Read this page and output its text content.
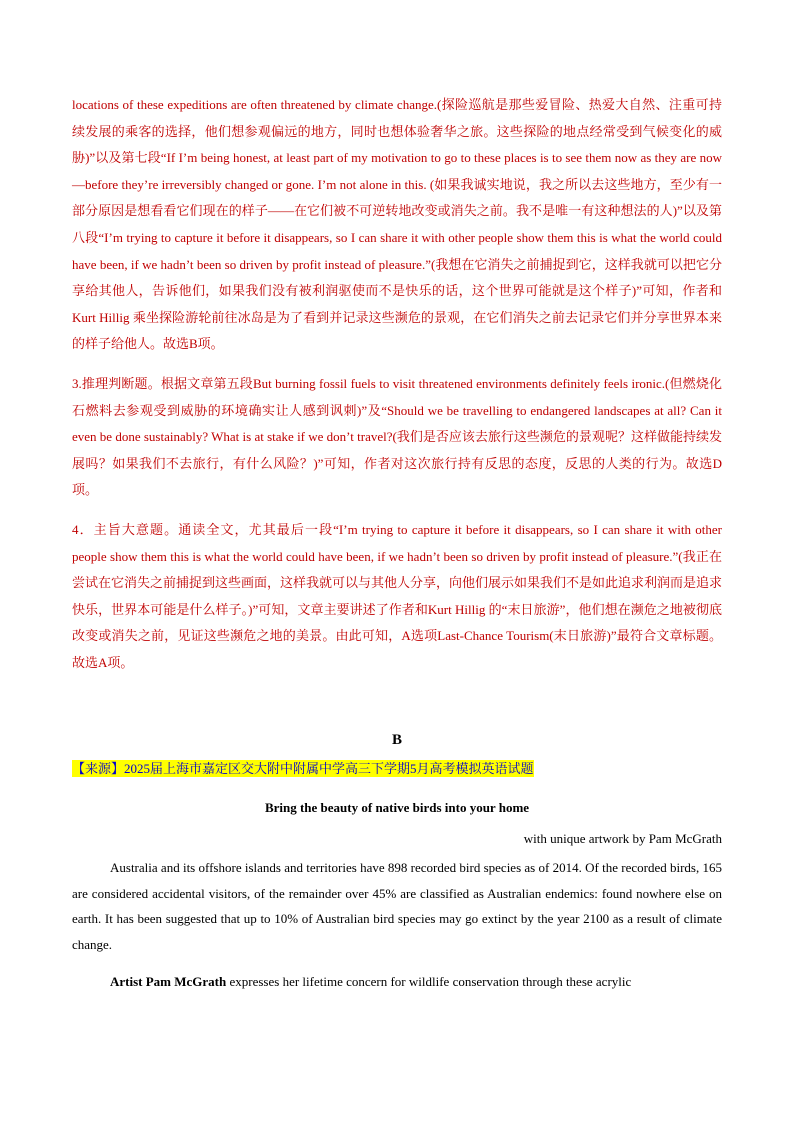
locations of these expeditions are often threatened by climate change.(探险巡航是那些爱冒险、热爱大自然、注重可持续发展的乘客的选择，他们想参观偏远的地方，同时也想体验奢华之旅。这些探险的地点经常受到气候变化的威胁)”以及第七段“If I’m being honest, at least part of my motivation to go to these places is to see them now as they are now —before they’re irreversibly changed or gone. I’m not alone in this. (如果我诚实地说，我之所以去这些地方，至少有一部分原因是想看看它们现在的样子——在它们被不可逆转地改变或消失之前。我不是唯一有这种想法的人)”以及第八段“I’m trying to capture it before it disappears, so I can share it with other people show them this is what the world could have been, if we hadn’t been so driven by profit instead of pleasure.”(我想在它消失之前捕捉到它，这样我就可以把它分享给其他人，告诉他们，如果我们没有被利润驱使而不是快乐的话，这个世界可能就是这个样子)”可知，作者和Kurt Hillig 乘坐探险游轮前往冰岛是为了看到并记录这些濒危的景观，在它们消失之前去记录它们并分享世界本来的样子给他人。故选B项。

3.推理判断题。根据文章第五段But burning fossil fuels to visit threatened environments definitely feels ironic.(但燃烧化石燃料去参观受到威胁的环境确实让人感到讽刺)”及“Should we be travelling to endangered landscapes at all? Can it even be done sustainably? What is at stake if we don’t travel?(我们是否应该去旅行这些濒危的景观呢？这样做能持续发展吗？如果我们不去旅行，有什么风险？)”可知，作者对这次旅行持有反思的态度，反思的人类的行为。故选D项。

4．主旨大意题。通读全文，尤其最后一段“I’m trying to capture it before it disappears, so I can share it with other people show them this is what the world could have been, if we hadn’t been so driven by profit instead of pleasure.”(我正在尝试在它消失之前捕捉到这些画面，这样我就可以与其他人分享，向他们展示如果我们不是如此追求利润而是追求快乐，世界本可能是什么样子。)”可知，文章主要讲述了作者和Kurt Hillig 的“末日旅游”，他们想在濒危之地被彻底改变或消失之前，见证这些濒危之地的美景。由此可知，A选项Last-Chance Tourism(末日旅游)”最符合文章标题。故选A项。

B

【来源】2025届上海市嘉定区交大附中附属中学高三下学期5月高考模拟英语试题

Bring the beauty of native birds into your home

with unique artwork by Pam McGrath

Australia and its offshore islands and territories have 898 recorded bird species as of 2014. Of the recorded birds, 165 are considered accidental visitors, of the remainder over 45% are classified as Australian endemics: found nowhere else on earth. It has been suggested that up to 10% of Australian bird species may go extinct by the year 2100 as a result of climate change.

Artist Pam McGrath expresses her lifetime concern for wildlife conservation through these acrylic
